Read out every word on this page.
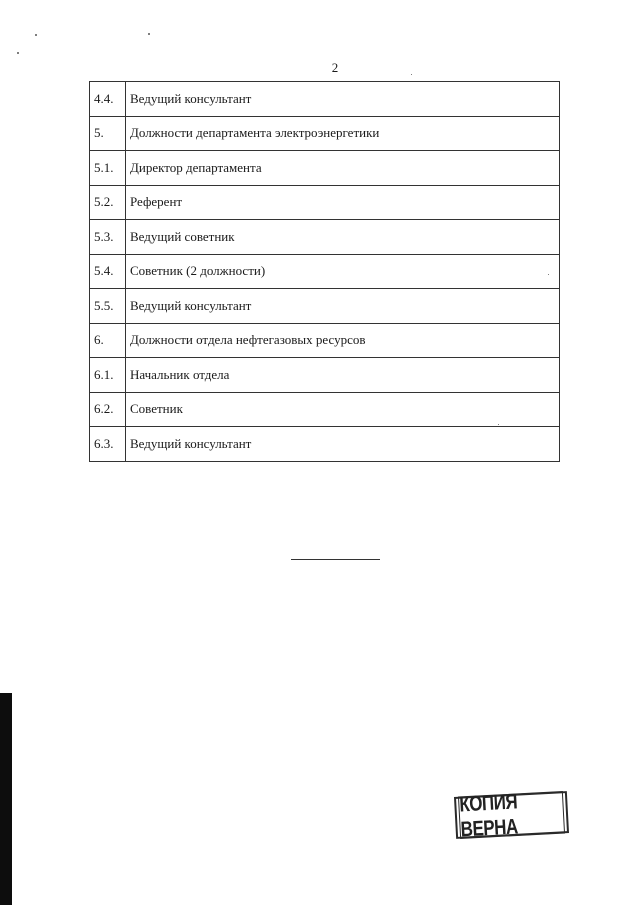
2
4.4.	Ведущий консультант
5.	Должности департамента электроэнергетики
5.1.	Директор департамента
5.2.	Референт
5.3.	Ведущий советник
5.4.	Советник (2 должности)
5.5.	Ведущий консультант
6.	Должности отдела нефтегазовых ресурсов
6.1.	Начальник отдела
6.2.	Советник
6.3.	Ведущий консультант
КОПИЯ ВЕРНА
